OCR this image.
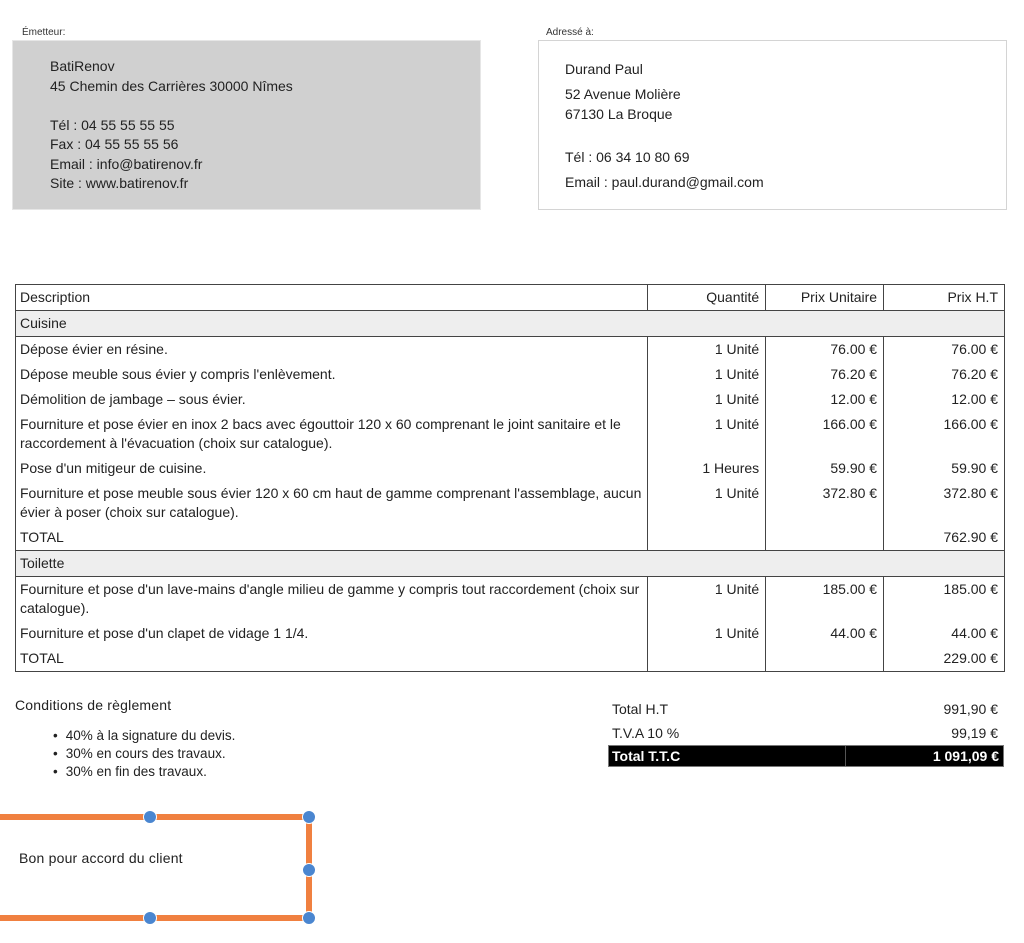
Émetteur:
BatiRenov
45 Chemin des Carrières 30000 Nîmes
Tél : 04 55 55 55 55
Fax : 04 55 55 55 56
Email : info@batirenov.fr
Site : www.batirenov.fr
Adressé à:
Durand Paul
52 Avenue Molière
67130 La Broque
Tél : 06 34 10 80 69
Email : paul.durand@gmail.com
Description	Quantité	Prix Unitaire	Prix H.T
Cuisine			
Dépose évier en résine.	1 Unité	76.00 €	76.00 €
Dépose meuble sous évier y compris l'enlèvement.	1 Unité	76.20 €	76.20 €
Démolition de jambage – sous évier.	1 Unité	12.00 €	12.00 €
Fourniture et pose évier en inox 2 bacs avec égouttoir 120 x 60 comprenant le joint sanitaire et le raccordement à l'évacuation (choix sur catalogue).	1 Unité	166.00 €	166.00 €
Pose d'un mitigeur de cuisine.	1 Heures	59.90 €	59.90 €
Fourniture et pose meuble sous évier 120 x 60 cm haut de gamme comprenant l'assemblage, aucun évier à poser (choix sur catalogue).	1 Unité	372.80 €	372.80 €
TOTAL			762.90 €
Toilette			
Fourniture et pose d'un lave-mains d'angle milieu de gamme y compris tout raccordement (choix sur catalogue).	1 Unité	185.00 €	185.00 €
Fourniture et pose d'un clapet de vidage 1 1/4.	1 Unité	44.00 €	44.00 €
TOTAL			229.00 €
Conditions de règlement
• 40% à la signature du devis.
• 30% en cours des travaux.
• 30% en fin des travaux.
Total H.T	991,90 €
T.V.A 10 %	99,19 €
Total T.T.C	1 091,09 €
Bon pour accord du client
